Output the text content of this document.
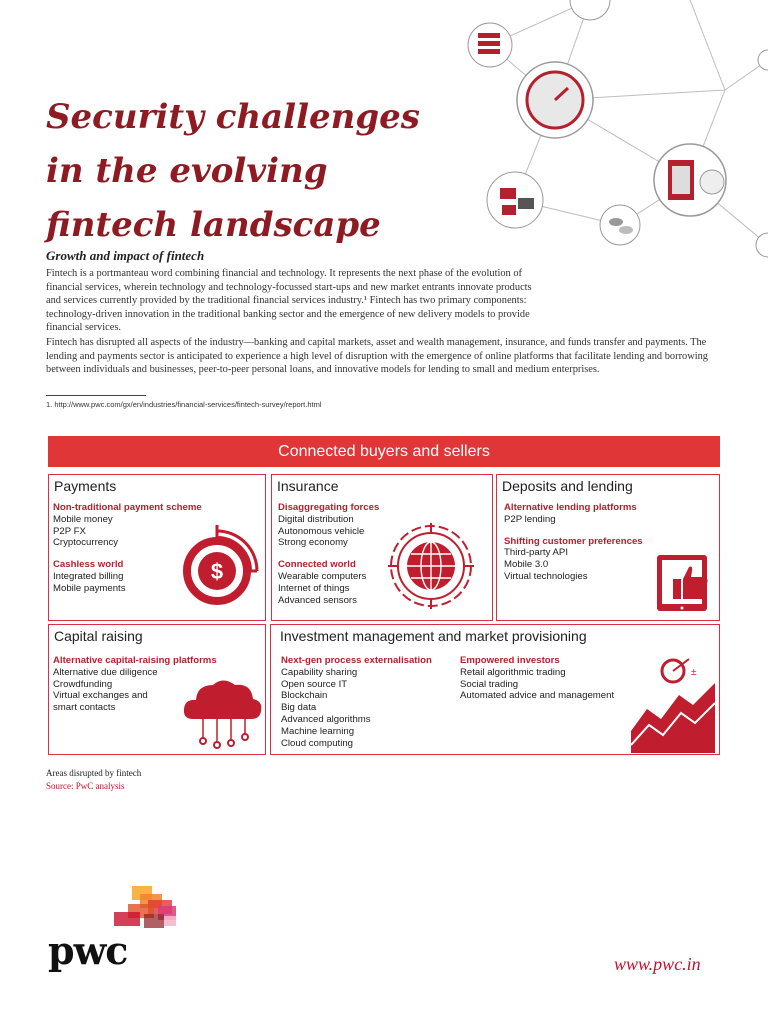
Security challenges
in the evolving
fintech landscape
Growth and impact of fintech

Fintech is a portmanteau word combining financial and technology. It represents the next phase of the evolution of financial services, wherein technology and technology-focussed start-ups and new market entrants innovate products and services currently provided by the traditional financial services industry.¹ Fintech has two primary components: technology-driven innovation in the traditional banking sector and the emergence of new delivery models to provide financial services.

Fintech has disrupted all aspects of the industry—banking and capital markets, asset and wealth management, insurance, and funds transfer and payments. The lending and payments sector is anticipated to experience a high level of disruption with the emergence of online platforms that facilitate lending and borrowing between individuals and businesses, peer-to-peer personal loans, and innovative models for lending to small and medium enterprises.

1. http://www.pwc.com/gx/en/industries/financial-services/fintech-survey/report.html
Connected buyers and sellers
Payments
Non-traditional payment scheme
Mobile money
P2P FX
Cryptocurrency
Cashless world
Integrated billing
Mobile payments
$
Insurance
Disaggregating forces
Digital distribution
Autonomous vehicle
Strong economy
Connected world
Wearable computers
Internet of things
Advanced sensors
Deposits and lending
Alternative lending platforms
P2P lending
Shifting customer preferences
Third-party API
Mobile 3.0
Virtual technologies
Capital raising
Alternative capital-raising platforms
Alternative due diligence
Crowdfunding
Virtual exchanges and
smart contacts
Investment management and market provisioning
Next-gen process externalisation
Capability sharing
Open source IT
Blockchain
Big data
Advanced algorithms
Machine learning
Cloud computing
Empowered investors
Retail algorithmic trading
Social trading
Automated advice and management
±
Areas disrupted by fintech
Source: PwC analysis
pwc	www.pwc.in
